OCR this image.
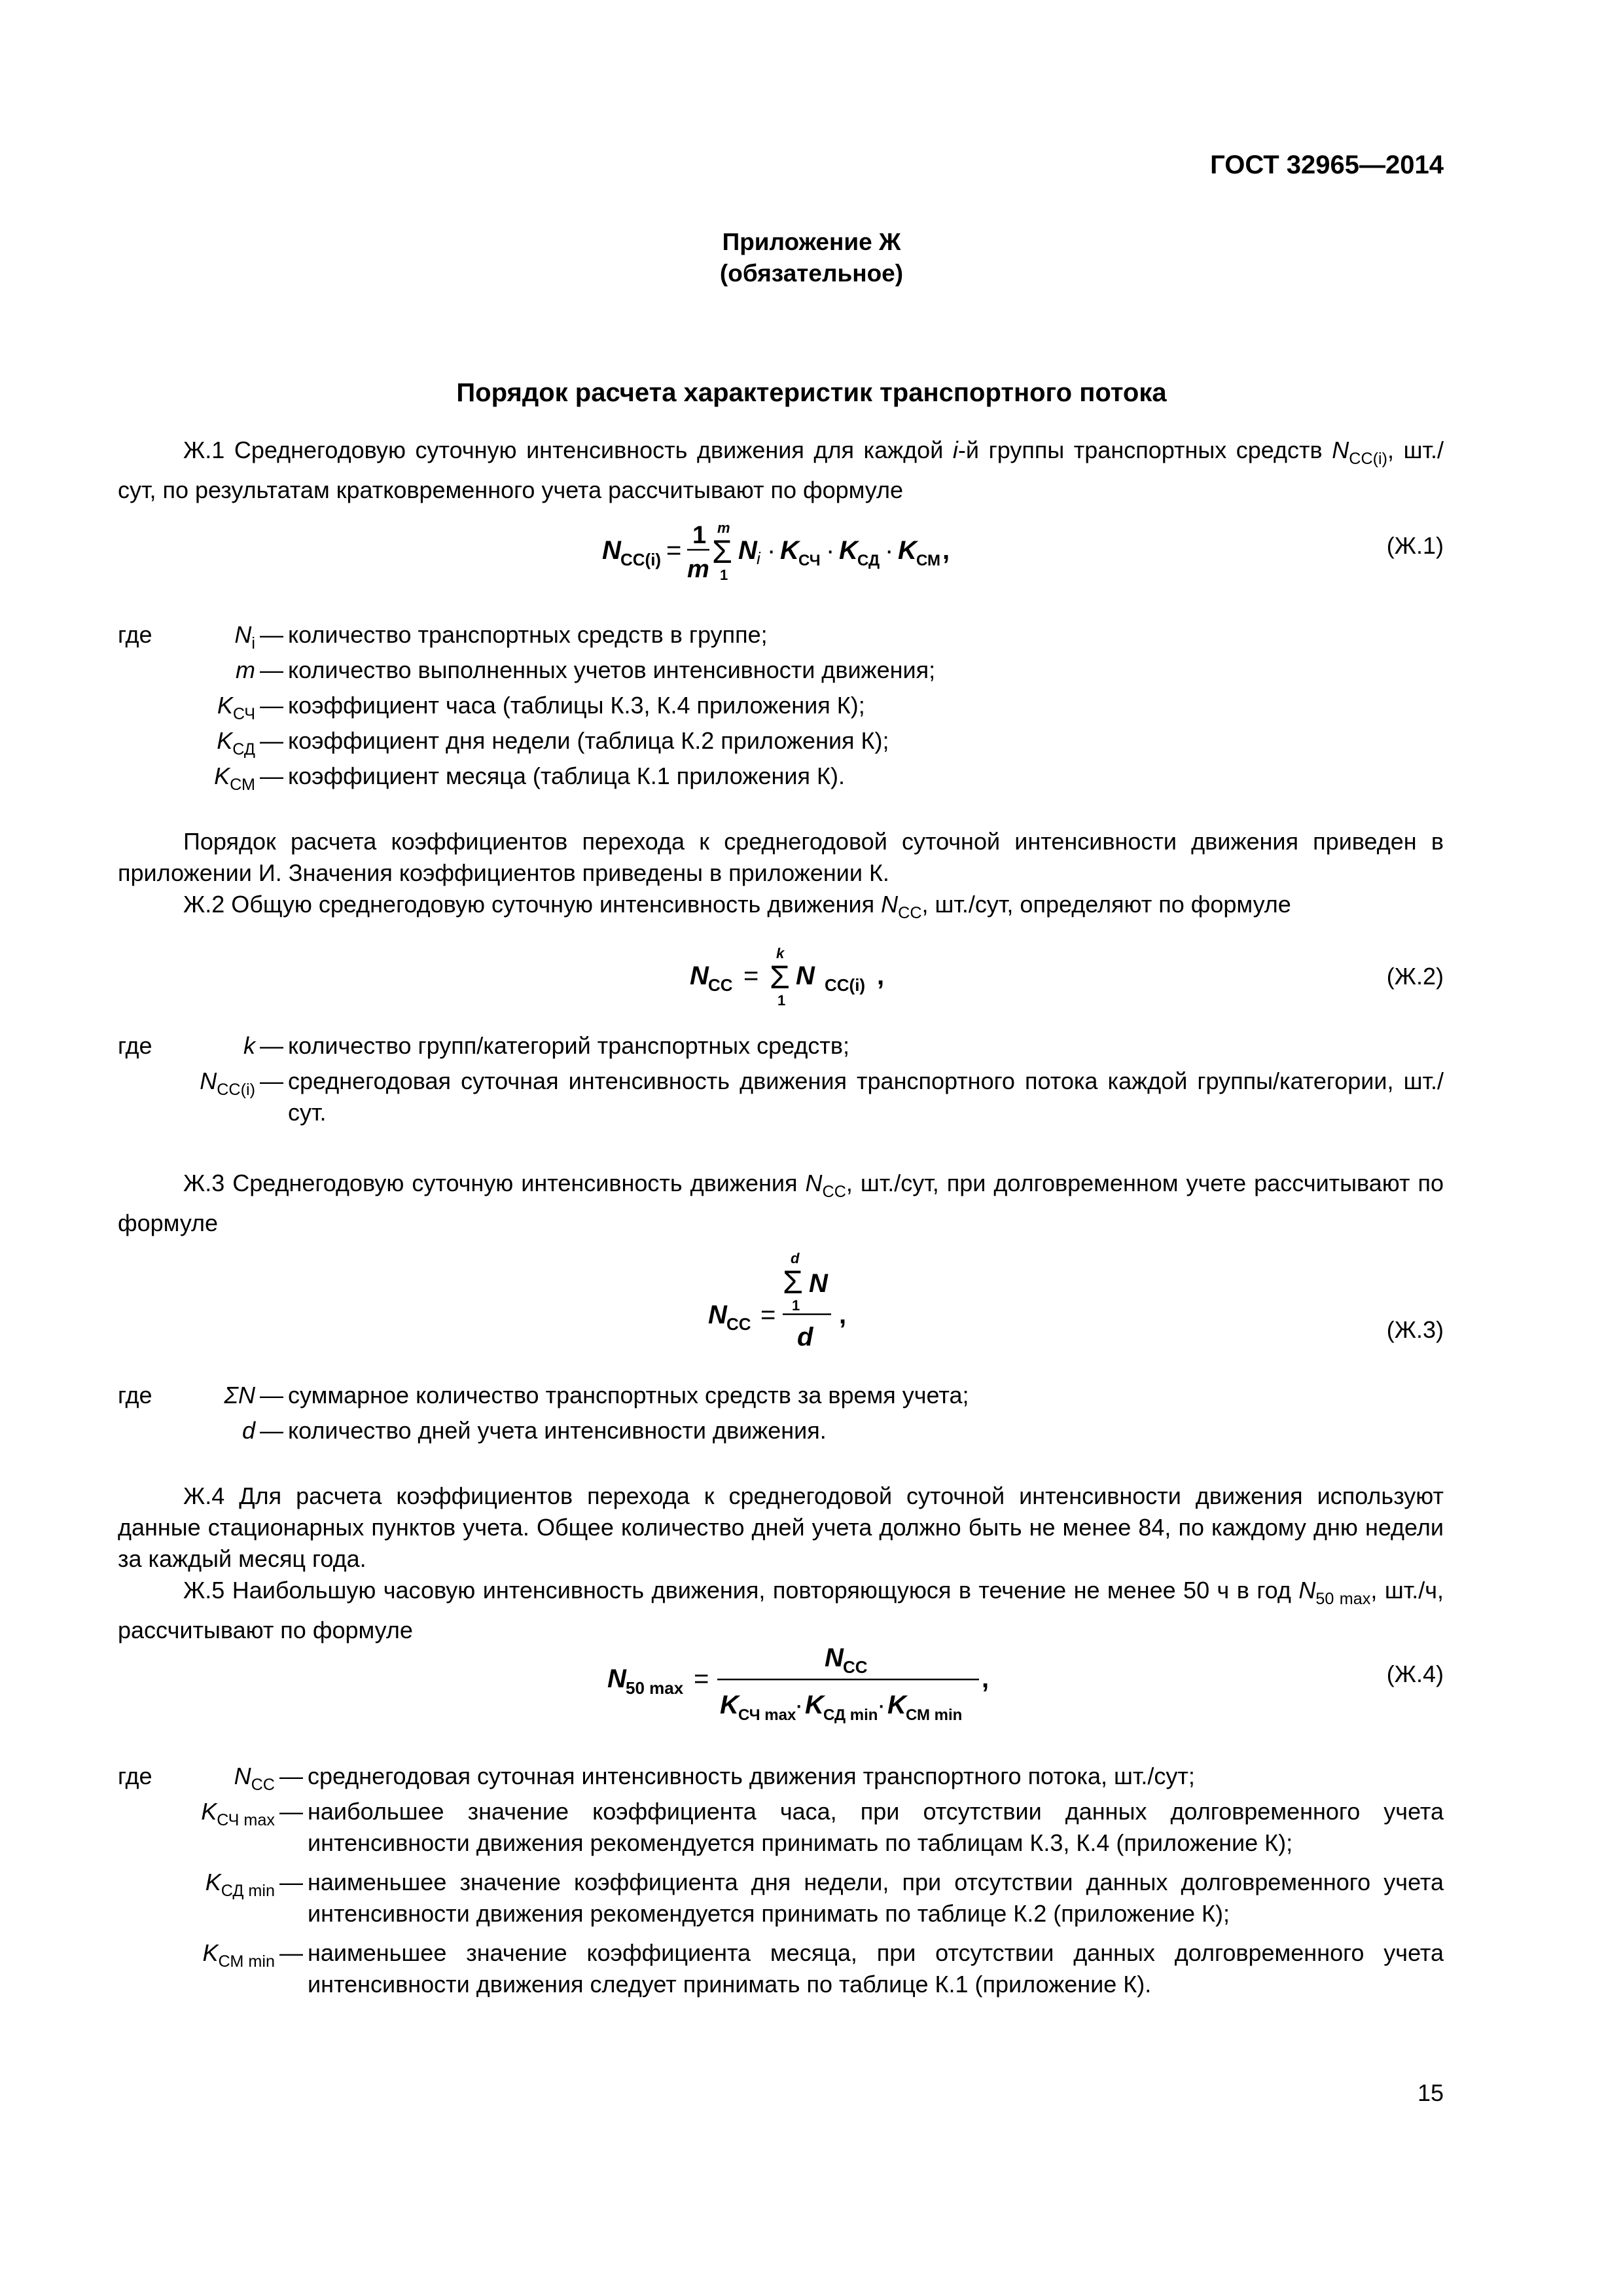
ГОСТ 32965—2014
Приложение Ж
(обязательное)
Порядок расчета характеристик транспортного потока

Ж.1 Среднегодовую суточную интенсивность движения для каждой i-й группы транспортных средств $N_{СС(i)}$, шт./сут, по результатам кратковременного учета рассчитывают по формуле

N СС(i) =
1
m
m
Σ
1
N i · K СЧ · K СД · K СМ ,	(Ж.1)
где	$N_i$ — количество транспортных средств в группе;
m — количество выполненных учетов интенсивности движения;
$K_{СЧ}$ — коэффициент часа (таблицы К.3, К.4 приложения К);
$K_{СД}$ — коэффициент дня недели (таблица К.2 приложения К);
$K_{СМ}$ — коэффициент месяца (таблица К.1 приложения К).

Порядок расчета коэффициентов перехода к среднегодовой суточной интенсивности движения приведен в приложении И. Значения коэффициентов приведены в приложении К.

Ж.2 Общую среднегодовую суточную интенсивность движения $N_{СС}$, шт./сут, определяют по формуле

N СС =
k
Σ
1
N СС(i) ,	(Ж.2)
где	k — количество групп/категорий транспортных средств;
$N_{СС(i)}$ — среднегодовая суточная интенсивность движения транспортного потока каждой группы/категории, шт./сут.

Ж.3 Среднегодовую суточную интенсивность движения $N_{СС}$, шт./сут, при долговременном учете рассчитывают по формуле

N СС =
d
Σ
1
N
d
,
(Ж.3)
где	ΣN — суммарное количество транспортных средств за время учета;
d — количество дней учета интенсивности движения.

Ж.4 Для расчета коэффициентов перехода к среднегодовой суточной интенсивности движения используют данные стационарных пунктов учета. Общее количество дней учета должно быть не менее 84, по каждому дню недели за каждый месяц года.

Ж.5 Наибольшую часовую интенсивность движения, повторяющуюся в течение не менее 50 ч в год $N_{50 max}$, шт./ч, рассчитывают по формуле

N 50 max =
N СС
K СЧ max
· K СД min
· K СМ min
,	(Ж.4)
где	$N_{СС}$ — среднегодовая суточная интенсивность движения транспортного потока, шт./сут;
$K_{СЧ max}$ — наибольшее значение коэффициента часа, при отсутствии данных долговременного учета интенсивности движения рекомендуется принимать по таблицам К.3, К.4 (приложение К);
$K_{СД min}$ — наименьшее значение коэффициента дня недели, при отсутствии данных долговременного учета интенсивности движения рекомендуется принимать по таблице К.2 (приложение К);
$K_{СМ min}$ — наименьшее значение коэффициента месяца, при отсутствии данных долговременного учета интенсивности движения следует принимать по таблице К.1 (приложение К).
15
